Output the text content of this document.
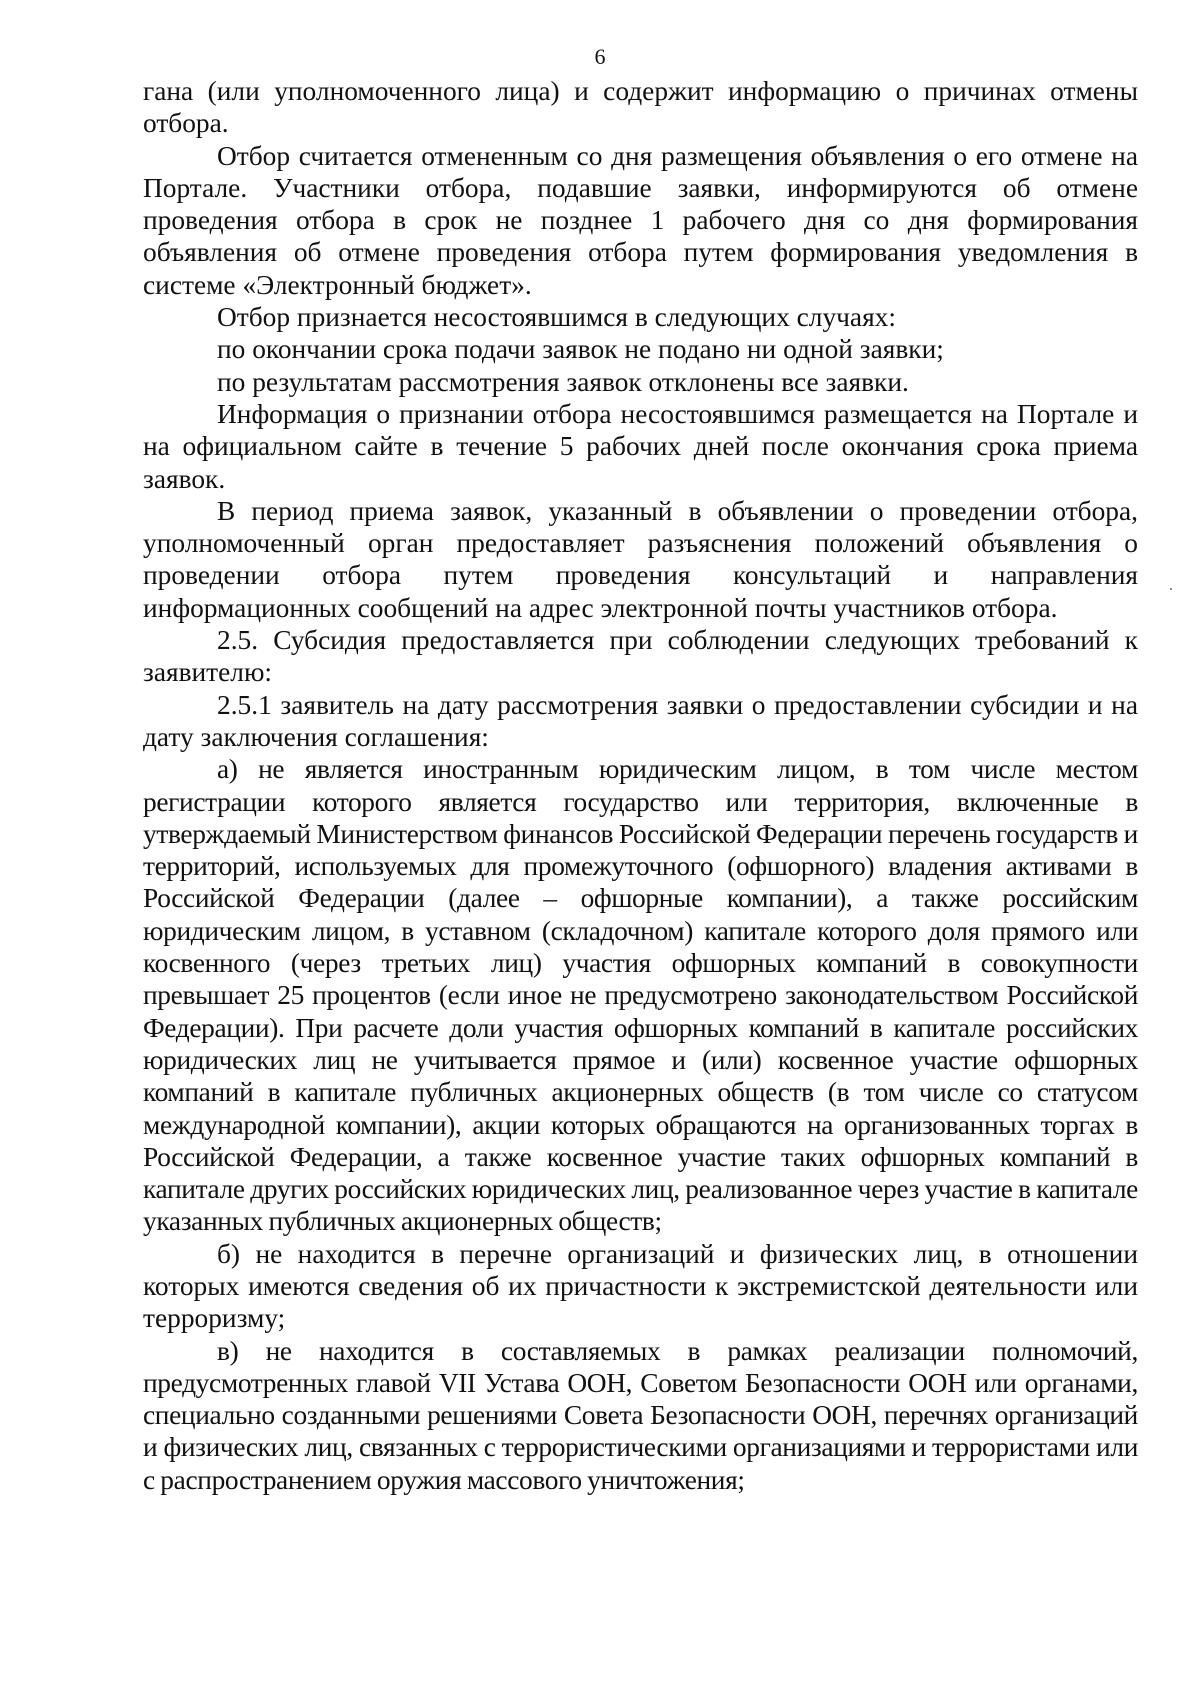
6

гана (или уполномоченного лица) и содержит информацию о причинах отмены отбора.

Отбор считается отмененным со дня размещения объявления о его отмене на Портале. Участники отбора, подавшие заявки, информируются об отмене проведения отбора в срок не позднее 1 рабочего дня со дня формирования объявления об отмене проведения отбора путем формирования уведомления в системе «Электронный бюджет».

Отбор признается несостоявшимся в следующих случаях:

по окончании срока подачи заявок не подано ни одной заявки;

по результатам рассмотрения заявок отклонены все заявки.

Информация о признании отбора несостоявшимся размещается на Портале и на официальном сайте в течение 5 рабочих дней после окончания срока приема заявок.

В период приема заявок, указанный в объявлении о проведении отбора, уполномоченный орган предоставляет разъяснения положений объявления о проведении отбора путем проведения консультаций и направления информационных сообщений на адрес электронной почты участников отбора.

2.5. Субсидия предоставляется при соблюдении следующих требований к заявителю:

2.5.1 заявитель на дату рассмотрения заявки о предоставлении субсидии и на дату заключения соглашения:

а) не является иностранным юридическим лицом, в том числе местом регистрации которого является государство или территория, включенные в утверждаемый Министерством финансов Российской Федерации перечень государств и территорий, используемых для промежуточного (офшорного) владения активами в Российской Федерации (далее – офшорные компании), а также российским юридическим лицом, в уставном (складочном) капитале которого доля прямого или косвенного (через третьих лиц) участия офшорных компаний в совокупности превышает 25 процентов (если иное не предусмотрено законодательством Российской Федерации). При расчете доли участия офшорных компаний в капитале российских юридических лиц не учитывается прямое и (или) косвенное участие офшорных компаний в капитале публичных акционерных обществ (в том числе со статусом международной компании), акции которых обращаются на организованных торгах в Российской Федерации, а также косвенное участие таких офшорных компаний в капитале других российских юридических лиц, реализованное через участие в капитале указанных публичных акционерных обществ;

б) не находится в перечне организаций и физических лиц, в отношении которых имеются сведения об их причастности к экстремистской деятельности или терроризму;

в) не находится в составляемых в рамках реализации полномочий, предусмотренных главой VII Устава ООН, Советом Безопасности ООН или органами, специально созданными решениями Совета Безопасности ООН, перечнях организаций и физических лиц, связанных с террористическими организациями и террористами или с распространением оружия массового уничтожения;
